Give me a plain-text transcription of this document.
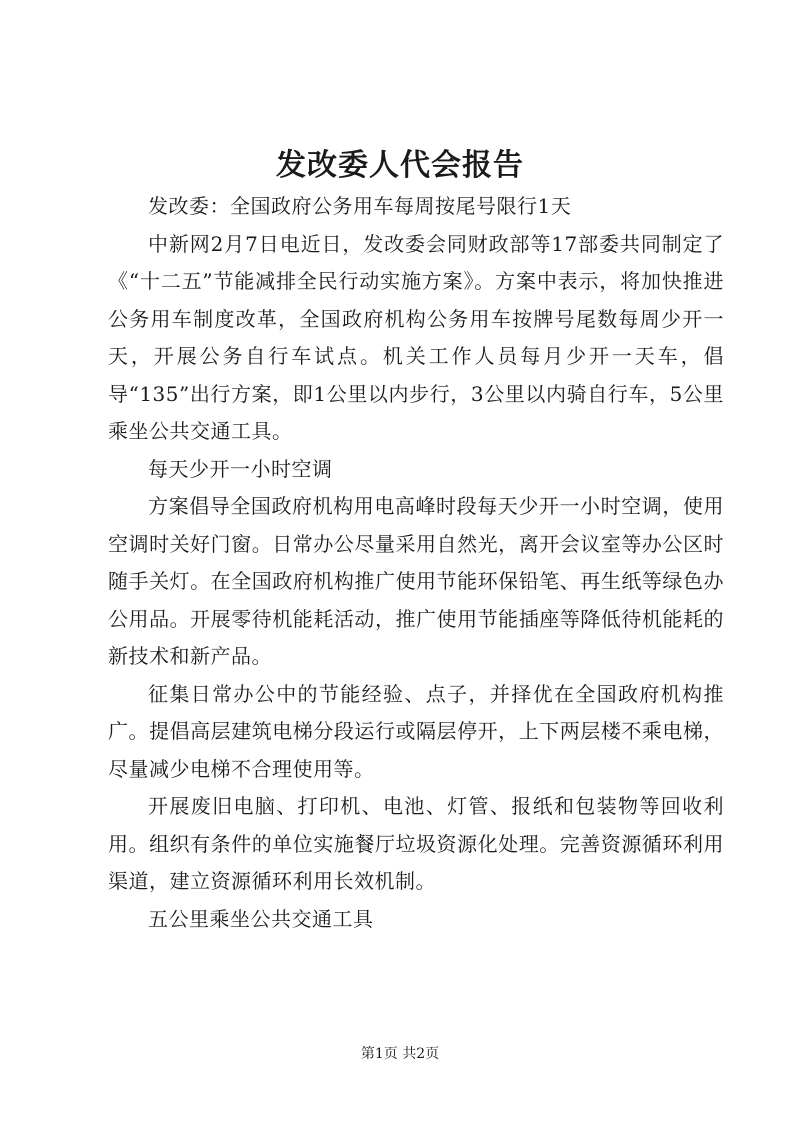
发改委人代会报告

发改委：全国政府公务用车每周按尾号限行1天

中新网2月7日电近日，发改委会同财政部等17部委共同制定了《“十二五”节能减排全民行动实施方案》。方案中表示，将加快推进公务用车制度改革，全国政府机构公务用车按牌号尾数每周少开一天，开展公务自行车试点。机关工作人员每月少开一天车，倡导“135”出行方案，即1公里以内步行，3公里以内骑自行车，5公里乘坐公共交通工具。

每天少开一小时空调

方案倡导全国政府机构用电高峰时段每天少开一小时空调，使用空调时关好门窗。日常办公尽量采用自然光，离开会议室等办公区时随手关灯。在全国政府机构推广使用节能环保铅笔、再生纸等绿色办公用品。开展零待机能耗活动，推广使用节能插座等降低待机能耗的新技术和新产品。

征集日常办公中的节能经验、点子，并择优在全国政府机构推广。提倡高层建筑电梯分段运行或隔层停开，上下两层楼不乘电梯，尽量减少电梯不合理使用等。

开展废旧电脑、打印机、电池、灯管、报纸和包装物等回收利用。组织有条件的单位实施餐厅垃圾资源化处理。完善资源循环利用渠道，建立资源循环利用长效机制。

五公里乘坐公共交通工具

第1页 共2页
